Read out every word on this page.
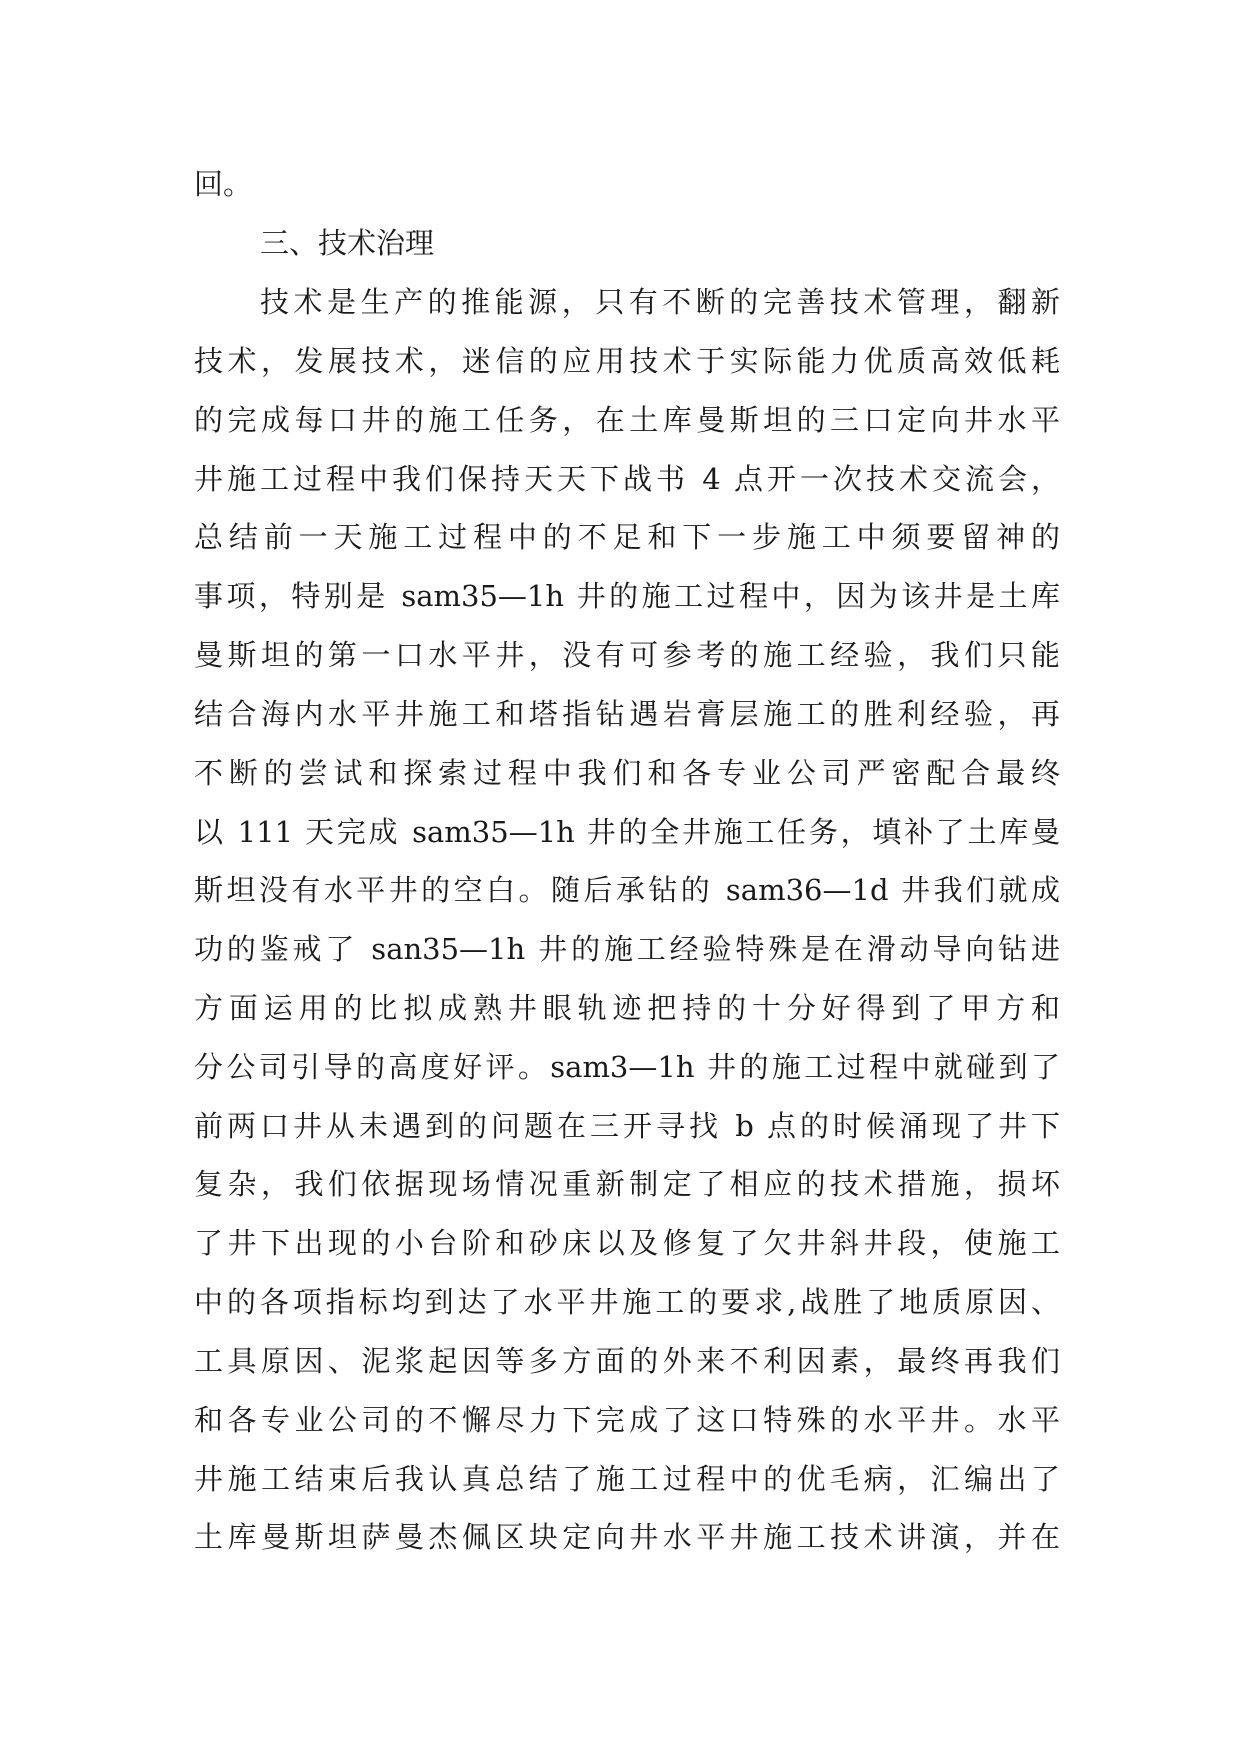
回。
三、技术治理
技术是生产的推能源，只有不断的完善技术管理，翻新
技术，发展技术，迷信的应用技术于实际能力优质高效低耗
的完成每口井的施工任务，在土库曼斯坦的三口定向井水平
井施工过程中我们保持天天下战书 4 点开一次技术交流会，
总结前一天施工过程中的不足和下一步施工中须要留神的
事项，特别是 sam35—1h 井的施工过程中，因为该井是土库
曼斯坦的第一口水平井，没有可参考的施工经验，我们只能
结合海内水平井施工和塔指钻遇岩膏层施工的胜利经验，再
不断的尝试和探索过程中我们和各专业公司严密配合最终
以 111 天完成 sam35—1h 井的全井施工任务，填补了土库曼
斯坦没有水平井的空白。随后承钻的 sam36—1d 井我们就成
功的鉴戒了 san35—1h 井的施工经验特殊是在滑动导向钻进
方面运用的比拟成熟井眼轨迹把持的十分好得到了甲方和
分公司引导的高度好评。sam3—1h 井的施工过程中就碰到了
前两口井从未遇到的问题在三开寻找 b 点的时候涌现了井下
复杂，我们依据现场情况重新制定了相应的技术措施，损坏
了井下出现的小台阶和砂床以及修复了欠井斜井段，使施工
中的各项指标均到达了水平井施工的要求,战胜了地质原因、
工具原因、泥浆起因等多方面的外来不利因素，最终再我们
和各专业公司的不懈尽力下完成了这口特殊的水平井。水平
井施工结束后我认真总结了施工过程中的优毛病，汇编出了
土库曼斯坦萨曼杰佩区块定向井水平井施工技术讲演，并在
